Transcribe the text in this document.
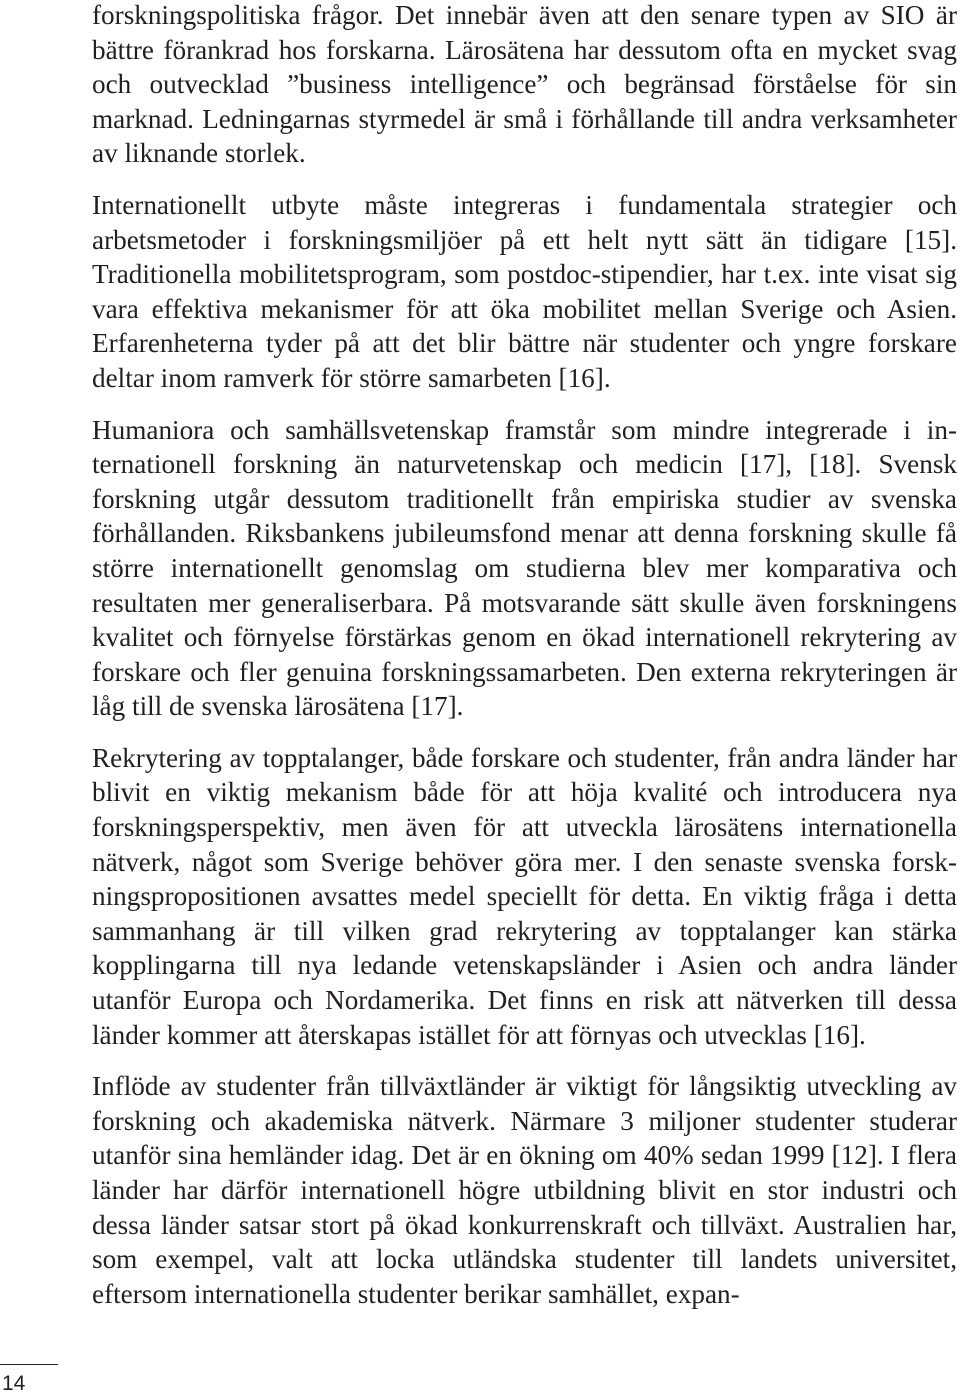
forskningspolitiska frågor. Det innebär även att den senare typen av SIO är bättre förankrad hos forskarna. Lärosätena har dessutom ofta en mycket svag och outvecklad ”business intelligence” och begränsad förståelse för sin marknad. Ledningarnas styrmedel är små i förhållande till andra verksamheter av liknande storlek.

Internationellt utbyte måste integreras i fundamentala strategier och arbetsmetoder i forskningsmiljöer på ett helt nytt sätt än tidigare [15]. Traditionella mobilitetsprogram, som postdoc-stipendier, har t.ex. inte visat sig vara effektiva mekanismer för att öka mobilitet mellan Sverige och Asien. Erfarenheterna tyder på att det blir bättre när studenter och yngre forskare deltar inom ramverk för större samarbeten [16].

Humaniora och samhällsvetenskap framstår som mindre integrerade i internationell forskning än naturvetenskap och medicin [17], [18]. Svensk forskning utgår dessutom traditionellt från empiriska studier av svenska förhållanden. Riksbankens jubileumsfond menar att denna forskning skulle få större internationellt genomslag om studierna blev mer komparativa och resultaten mer generaliserbara. På motsvarande sätt skulle även forskningens kvalitet och förnyelse förstärkas genom en ökad internationell rekrytering av forskare och fler genuina forskningssamarbeten. Den externa rekryteringen är låg till de svenska lärosätena [17].

Rekrytering av topptalanger, både forskare och studenter, från andra länder har blivit en viktig mekanism både för att höja kvalité och introducera nya forskningsperspektiv, men även för att utveckla lärosätens internationella nätverk, något som Sverige behöver göra mer. I den senaste svenska forskningspropositionen avsattes medel speciellt för detta. En viktig fråga i detta sammanhang är till vilken grad rekrytering av topptalanger kan stärka kopplingarna till nya ledande vetenskapsländer i Asien och andra länder utanför Europa och Nordamerika. Det finns en risk att nätverken till dessa länder kommer att återskapas istället för att förnyas och utvecklas [16].

Inflöde av studenter från tillväxtländer är viktigt för långsiktig utveckling av forskning och akademiska nätverk. Närmare 3 miljoner studenter studerar utanför sina hemländer idag. Det är en ökning om 40% sedan 1999 [12]. I flera länder har därför internationell högre utbildning blivit en stor industri och dessa länder satsar stort på ökad konkurrenskraft och tillväxt. Australien har, som exempel, valt att locka utländska studenter till landets universitet, eftersom internationella studenter berikar samhället, expan-

14
